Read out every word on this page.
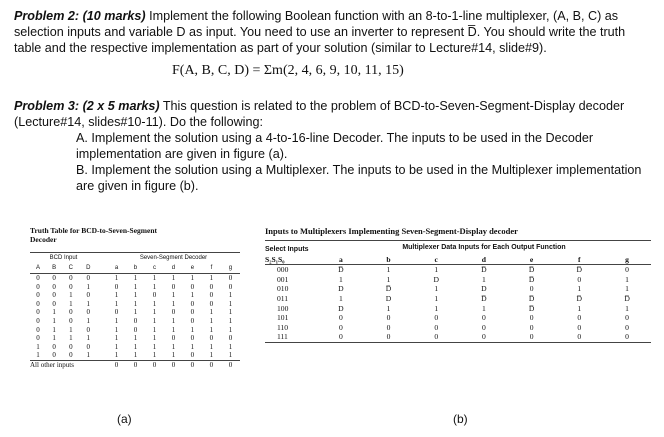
Problem 2: (10 marks) Implement the following Boolean function with an 8-to-1-line multiplexer, (A, B, C) as selection inputs and variable D as input. You need to use an inverter to represent D̅. You should write the truth table and the respective implementation as part of your solution (similar to Lecture#14, slide#9).
F(A, B, C, D) = Σm(2, 4, 6, 9, 10, 11, 15)
Problem 3: (2 x 5 marks) This question is related to the problem of BCD-to-Seven-Segment-Display decoder (Lecture#14, slides#10-11). Do the following:
A. Implement the solution using a 4-to-16-line Decoder. The inputs to be used in the Decoder implementation are given in figure (a).
B. Implement the solution using a Multiplexer. The inputs to be used in the Multiplexer implementation are given in figure (b).
Truth Table for BCD-to-Seven-Segment
Decoder
BCD Input					Seven-Segment Decoder						
A	B	C	D		a	b	c	d	e	f	g
0	0	0	0		1	1	1	1	1	1	0
0	0	0	1		0	1	1	0	0	0	0
0	0	1	0		1	1	0	1	1	0	1
0	0	1	1		1	1	1	1	0	0	1
0	1	0	0		0	1	1	0	0	1	1
0	1	0	1		1	0	1	1	0	1	1
0	1	1	0		1	0	1	1	1	1	1
0	1	1	1		1	1	1	0	0	0	0
1	0	0	0		1	1	1	1	1	1	1
1	0	0	1		1	1	1	1	0	1	1
All other inputs					0	0	0	0	0	0	0
(a)
Inputs to Multiplexers Implementing Seven-Segment-Display decoder
Select Inputs	Multiplexer Data Inputs for Each Output Function						
S₂S₁S₀	a	b	c	d	e	f	g
000	D̅	1	1	D̅	D̅	D̅	0
001	1	1	D	1	D̅	0	1
010	D	D̅	1	D	0	1	1
011	1	D	1	D̅	D̅	D̅	D̅
100	D	1	1	1	D̅	1	1
101	0	0	0	0	0	0	0
110	0	0	0	0	0	0	0
111	0	0	0	0	0	0	0
(b)
